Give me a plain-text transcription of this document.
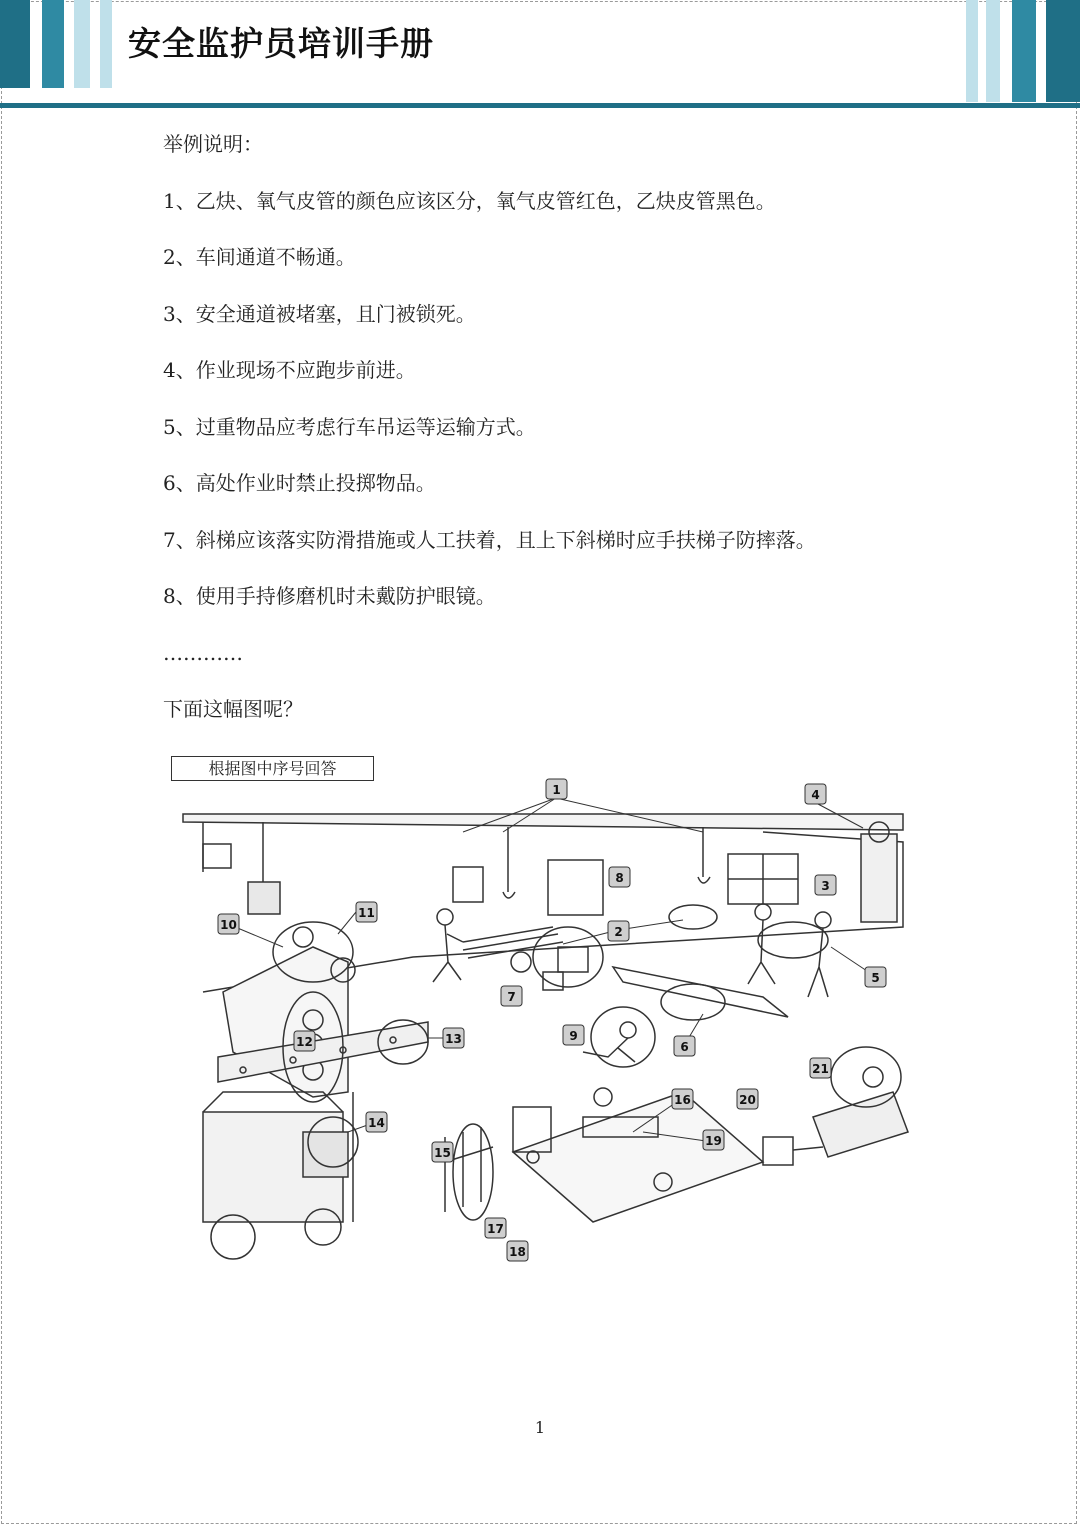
安全监护员培训手册
举例说明：
1、乙炔、氧气皮管的颜色应该区分，氧气皮管红色，乙炔皮管黑色。
2、车间通道不畅通。
3、安全通道被堵塞，且门被锁死。
4、作业现场不应跑步前进。
5、过重物品应考虑行车吊运等运输方式。
6、高处作业时禁止投掷物品。
7、斜梯应该落实防滑措施或人工扶着，且上下斜梯时应手扶梯子防摔落。
8、使用手持修磨机时未戴防护眼镜。
…………
下面这幅图呢？
根据图中序号回答
1
2
3
4
5
6
7
8
9
10
11
12	13
14
15
16
17
18
19
20
21
1
